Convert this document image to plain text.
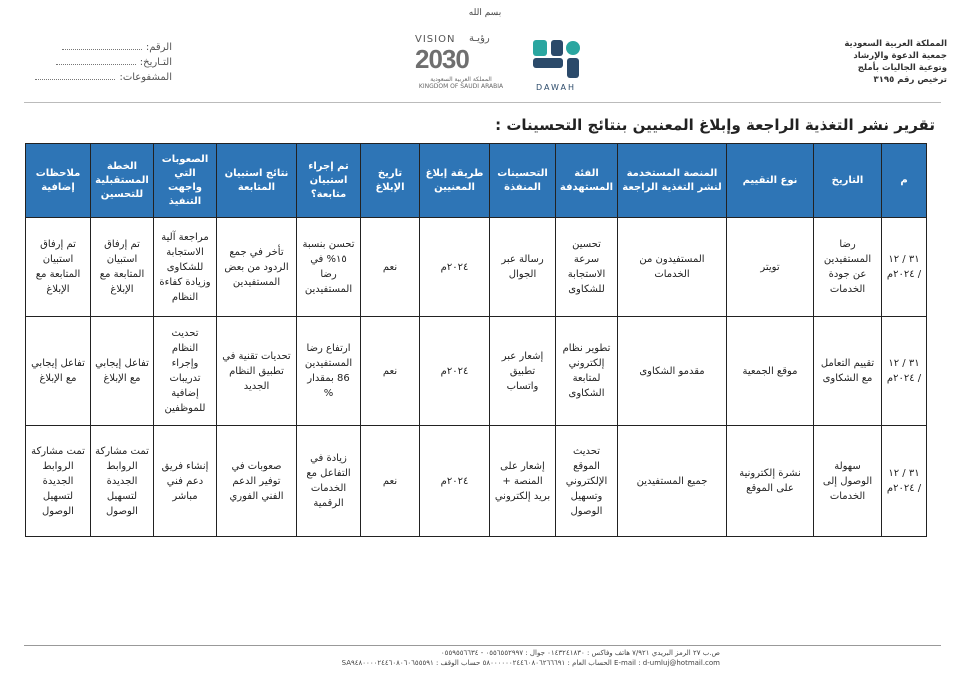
المملكة العربية السعودية
جمعية الدعوة والإرشاد
وتوعية الجاليات بأملج
ترخيص رقم ٣١٩٥
بسم الله
DAWAH
VISION رؤيـة
2030
المملكة العربية السعودية
KINGDOM OF SAUDI ARABIA
الرقم:
التـاريخ:
المشفوعات:
تقرير نشر التغذية الراجعة وإبلاغ المعنيين بنتائج التحسينات :
م	التاريخ	نوع التقييم	المنصة المستخدمة لنشر التغذية الراجعة	الفئة المستهدفة	التحسينات المنفذة	طريقة إبلاغ المعنيين	تاريخ الإبلاغ	تم إجراء استبيان متابعة؟	نتائج استبيان المتابعة	الصعوبات التي واجهت التنفيذ	الخطة المستقبلية للتحسين	ملاحظات إضافية
٣١ / ١٢ / ٢٠٢٤م	رضا المستفيدين عن جودة الخدمات	تويتر	المستفيدون من الخدمات	تحسين سرعة الاستجابة للشكاوى	رسالة عبر الجوال	٢٠٢٤م	نعم	تحسن بنسبة ١٥% في رضا المستفيدين	تأخر في جمع الردود من بعض المستفيدين	مراجعة آلية الاستجابة للشكاوى وزيادة كفاءة النظام	تم إرفاق استبيان المتابعة مع الإبلاغ	تم إرفاق استبيان المتابعة مع الإبلاغ
٣١ / ١٢ / ٢٠٢٤م	تقييم التعامل مع الشكاوى	موقع الجمعية	مقدمو الشكاوى	تطوير نظام إلكتروني لمتابعة الشكاوى	إشعار عبر تطبيق واتساب	٢٠٢٤م	نعم	ارتفاع رضا المستفيدين 86 بمقدار %	تحديات تقنية في تطبيق النظام الجديد	تحديث النظام وإجراء تدريبات إضافية للموظفين	تفاعل إيجابي مع الإبلاغ	تفاعل إيجابي مع الإبلاغ
٣١ / ١٢ / ٢٠٢٤م	سهولة الوصول إلى الخدمات	نشرة إلكترونية على الموقع	جميع المستفيدين	تحديث الموقع الإلكتروني وتسهيل الوصول	إشعار على المنصة + بريد إلكتروني	٢٠٢٤م	نعم	زيادة في التفاعل مع الخدمات الرقمية	صعوبات في توفير الدعم الفني الفوري	إنشاء فريق دعم فني مباشر	تمت مشاركة الروابط الجديدة لتسهيل الوصول	تمت مشاركة الروابط الجديدة لتسهيل الوصول
ص.ب ٢٧ الرمز البريدي ٧/٩٢١ هاتف وفاكس : ٠١٤٣٢٤١٨٣٠ جوال : ٠٥٥٦٥٥٢٩٩٧ - ٠٥٥٩٥٥٦٦٣٤
E-mail : d-umluj@hotmail.com الحساب العام : ٥٨٠٠٠٠٠٠٢٤٤٦٠٨٠٦٢٦٦٦٩١ حساب الوقف : SA٩٤٨٠٠٠٠٢٤٤٦٠٨٠٦٠٦٥٥٥٩١
